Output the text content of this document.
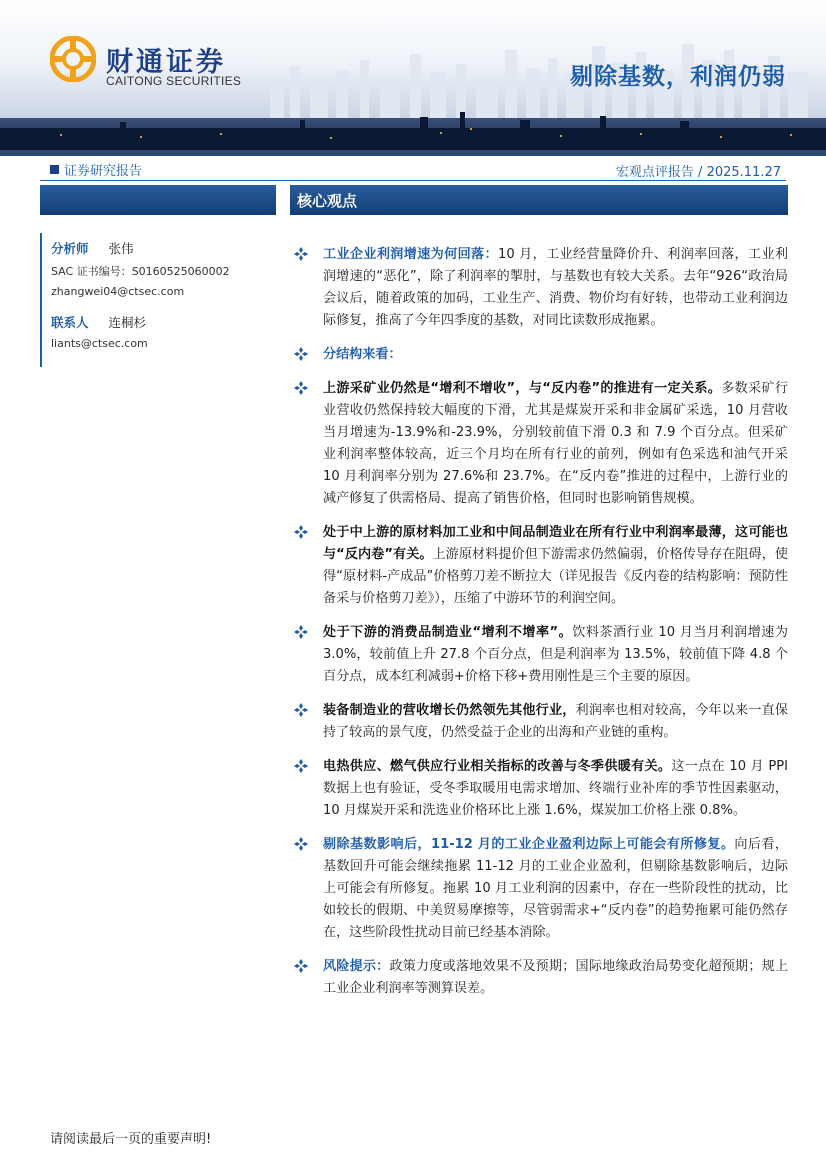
财通证券
CAITONG SECURITIES	剔除基数，利润仍弱
证券研究报告	宏观点评报告 / 2025.11.27
分析师 张伟
SAC 证书编号：S0160525060002
zhangwei04@ctsec.com
联系人 连桐杉
liants@ctsec.com
核心观点
工业企业利润增速为何回落：10 月，工业经营量降价升、利润率回落，工业利润增速的“恶化”，除了利润率的掣肘，与基数也有较大关系。去年“926“政治局会议后，随着政策的加码，工业生产、消费、物价均有好转，也带动工业利润边际修复，推高了今年四季度的基数，对同比读数形成拖累。
分结构来看：
上游采矿业仍然是“增利不增收”，与“反内卷”的推进有一定关系。多数采矿行业营收仍然保持较大幅度的下滑，尤其是煤炭开采和非金属矿采选，10 月营收当月增速为-13.9%和-23.9%，分别较前值下滑 0.3 和 7.9 个百分点。但采矿业利润率整体较高，近三个月均在所有行业的前列，例如有色采选和油气开采 10 月利润率分别为 27.6%和 23.7%。在“反内卷”推进的过程中，上游行业的减产修复了供需格局、提高了销售价格，但同时也影响销售规模。
处于中上游的原材料加工业和中间品制造业在所有行业中利润率最薄，这可能也与“反内卷”有关。上游原材料提价但下游需求仍然偏弱，价格传导存在阻碍，使得“原材料-产成品”价格剪刀差不断拉大（详见报告《反内卷的结构影响：预防性备采与价格剪刀差》），压缩了中游环节的利润空间。
处于下游的消费品制造业“增利不增率”。饮料茶酒行业 10 月当月利润增速为 3.0%，较前值上升 27.8 个百分点，但是利润率为 13.5%，较前值下降 4.8 个百分点，成本红利减弱+价格下移+费用刚性是三个主要的原因。
装备制造业的营收增长仍然领先其他行业，利润率也相对较高，今年以来一直保持了较高的景气度，仍然受益于企业的出海和产业链的重构。
电热供应、燃气供应行业相关指标的改善与冬季供暖有关。这一点在 10 月 PPI 数据上也有验证，受冬季取暖用电需求增加、终端行业补库的季节性因素驱动，10 月煤炭开采和洗选业价格环比上涨 1.6%，煤炭加工价格上涨 0.8%。
剔除基数影响后，11-12 月的工业企业盈利边际上可能会有所修复。向后看，基数回升可能会继续拖累 11-12 月的工业企业盈利，但剔除基数影响后，边际上可能会有所修复。拖累 10 月工业利润的因素中，存在一些阶段性的扰动，比如较长的假期、中美贸易摩擦等，尽管弱需求+“反内卷”的趋势拖累可能仍然存在，这些阶段性扰动目前已经基本消除。
风险提示：政策力度或落地效果不及预期；国际地缘政治局势变化超预期；规上工业企业利润率等测算误差。
请阅读最后一页的重要声明!
